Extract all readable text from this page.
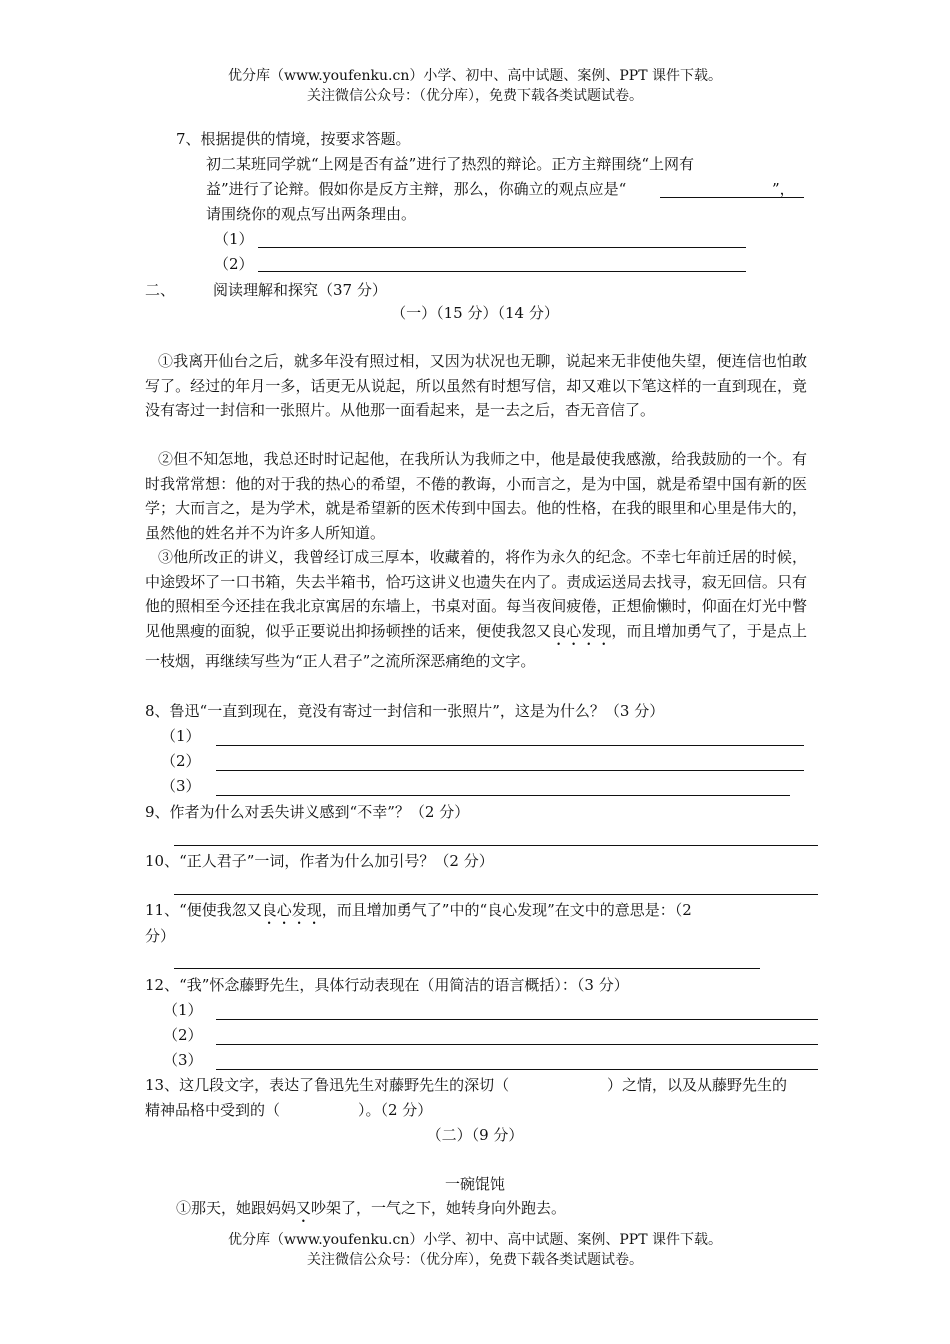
优分库（www.youfenku.cn）小学、初中、高中试题、案例、PPT 课件下载。
关注微信公众号：（优分库），免费下载各类试题试卷。
7、根据提供的情境，按要求答题。
初二某班同学就“上网是否有益”进行了热烈的辩论。正方主辩围绕“上网有
益”进行了论辩。假如你是反方主辩，那么，你确立的观点应是“	”，
请围绕你的观点写出两条理由。
（1）
（2）
二、	阅读理解和探究（37 分）
（一）（15 分）（14 分）
①我离开仙台之后，就多年没有照过相，又因为状况也无聊，说起来无非使他失望，便连信也怕敢写了。经过的年月一多，话更无从说起，所以虽然有时想写信，却又难以下笔这样的一直到现在，竟没有寄过一封信和一张照片。从他那一面看起来，是一去之后，杳无音信了。
②但不知怎地，我总还时时记起他，在我所认为我师之中，他是最使我感激，给我鼓励的一个。有时我常常想：他的对于我的热心的希望，不倦的教诲，小而言之，是为中国，就是希望中国有新的医学；大而言之，是为学术，就是希望新的医术传到中国去。他的性格，在我的眼里和心里是伟大的，虽然他的姓名并不为许多人所知道。
③他所改正的讲义，我曾经订成三厚本，收藏着的，将作为永久的纪念。不幸七年前迁居的时候，中途毁坏了一口书箱，失去半箱书，恰巧这讲义也遗失在内了。责成运送局去找寻，寂无回信。只有他的照相至今还挂在我北京寓居的东墙上，书桌对面。每当夜间疲倦，正想偷懒时，仰面在灯光中瞥见他黑瘦的面貌，似乎正要说出抑扬顿挫的话来，便使我忽又良心发现，而且增加勇气了，于是点上一枝烟，再继续写些为“正人君子”之流所深恶痛绝的文字。
8、鲁迅“一直到现在，竟没有寄过一封信和一张照片”，这是为什么？（3 分）
（1）
（2）
（3）
9、作者为什么对丢失讲义感到“不幸”？（2 分）
10、“正人君子”一词，作者为什么加引号？（2 分）
11、“便使我忽又良心发现，而且增加勇气了”中的“良心发现”在文中的意思是：（2
分）
12、“我”怀念藤野先生，具体行动表现在（用简洁的语言概括）：（3 分）
（1）
（2）
（3）
13、这几段文字，表达了鲁迅先生对藤野先生的深切（	）之情，以及从藤野先生的
精神品格中受到的（	）。（2 分）
（二）（9 分）
一碗馄饨
①那天，她跟妈妈又吵架了，一气之下，她转身向外跑去。
优分库（www.youfenku.cn）小学、初中、高中试题、案例、PPT 课件下载。
关注微信公众号：（优分库），免费下载各类试题试卷。
